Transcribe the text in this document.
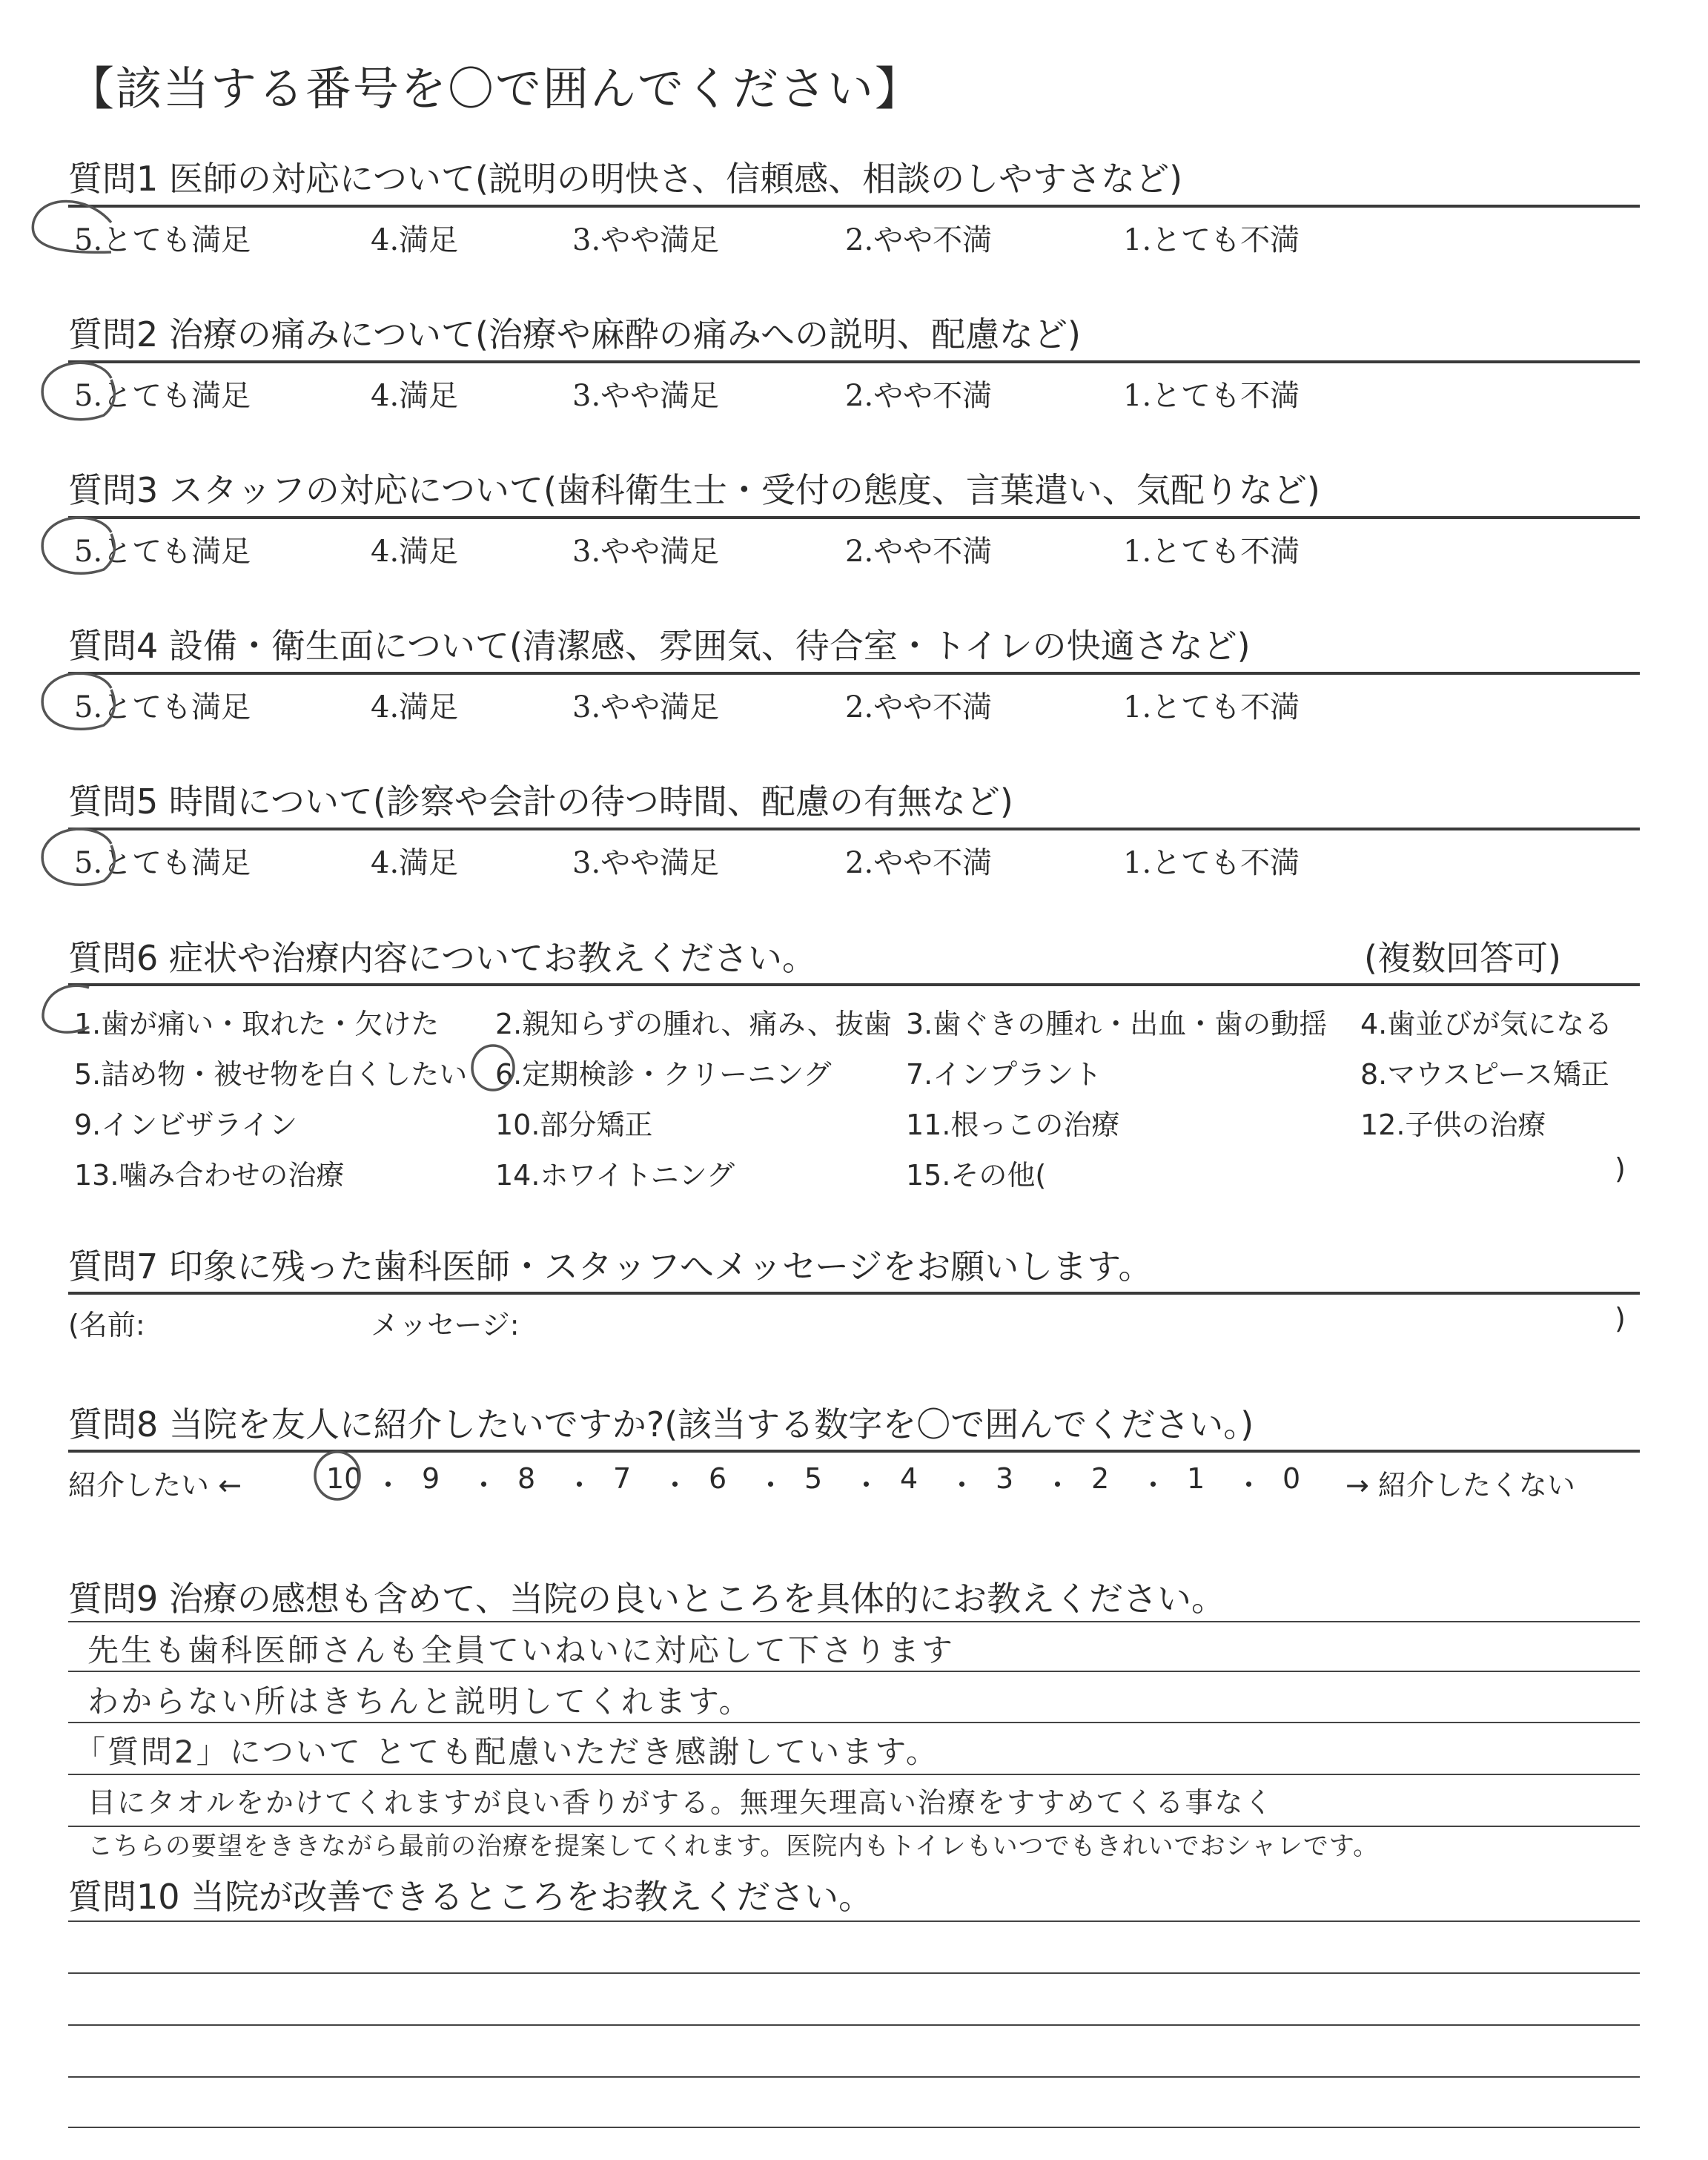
【該当する番号を〇で囲んでください】
質問1 医師の対応について(説明の明快さ、信頼感、相談のしやすさなど)
5.とても満足	4.満足	3.やや満足	2.やや不満	1.とても不満
質問2 治療の痛みについて(治療や麻酔の痛みへの説明、配慮など)
5.とても満足	4.満足	3.やや満足	2.やや不満	1.とても不満
質問3 スタッフの対応について(歯科衛生士・受付の態度、言葉遣い、気配りなど)
5.とても満足	4.満足	3.やや満足	2.やや不満	1.とても不満
質問4 設備・衛生面について(清潔感、雰囲気、待合室・トイレの快適さなど)
5.とても満足	4.満足	3.やや満足	2.やや不満	1.とても不満
質問5 時間について(診察や会計の待つ時間、配慮の有無など)
5.とても満足	4.満足	3.やや満足	2.やや不満	1.とても不満
質問6 症状や治療内容についてお教えください。	(複数回答可)
1.歯が痛い・取れた・欠けた 2.親知らずの腫れ、痛み、抜歯 3.歯ぐきの腫れ・出血・歯の動揺 4.歯並びが気になる
5.詰め物・被せ物を白くしたい 6.定期検診・クリーニング	7.インプラント	8.マウスピース矯正
9.インビザライン	10.部分矯正	11.根っこの治療	12.子供の治療
13.噛み合わせの治療	14.ホワイトニング	15.その他(	)
質問7 印象に残った歯科医師・スタッフへメッセージをお願いします。
(名前:	メッセージ:	)
質問8 当院を友人に紹介したいですか?(該当する数字を〇で囲んでください。)
紹介したい ←	10 ・ 9 ・ 8 ・ 7 ・ 6 ・ 5 ・ 4 ・ 3 ・ 2 ・ 1 ・ 0 → 紹介したくない
質問9 治療の感想も含めて、当院の良いところを具体的にお教えください。
先生も歯科医師さんも全員ていねいに対応して下さります
わからない所はきちんと説明してくれます。
「質問2」について とても配慮いただき感謝しています。
目にタオルをかけてくれますが良い香りがする。無理矢理高い治療をすすめてくる事なく
こちらの要望をききながら最前の治療を提案してくれます。医院内もトイレもいつでもきれいでおシャレです。
質問10 当院が改善できるところをお教えください。
